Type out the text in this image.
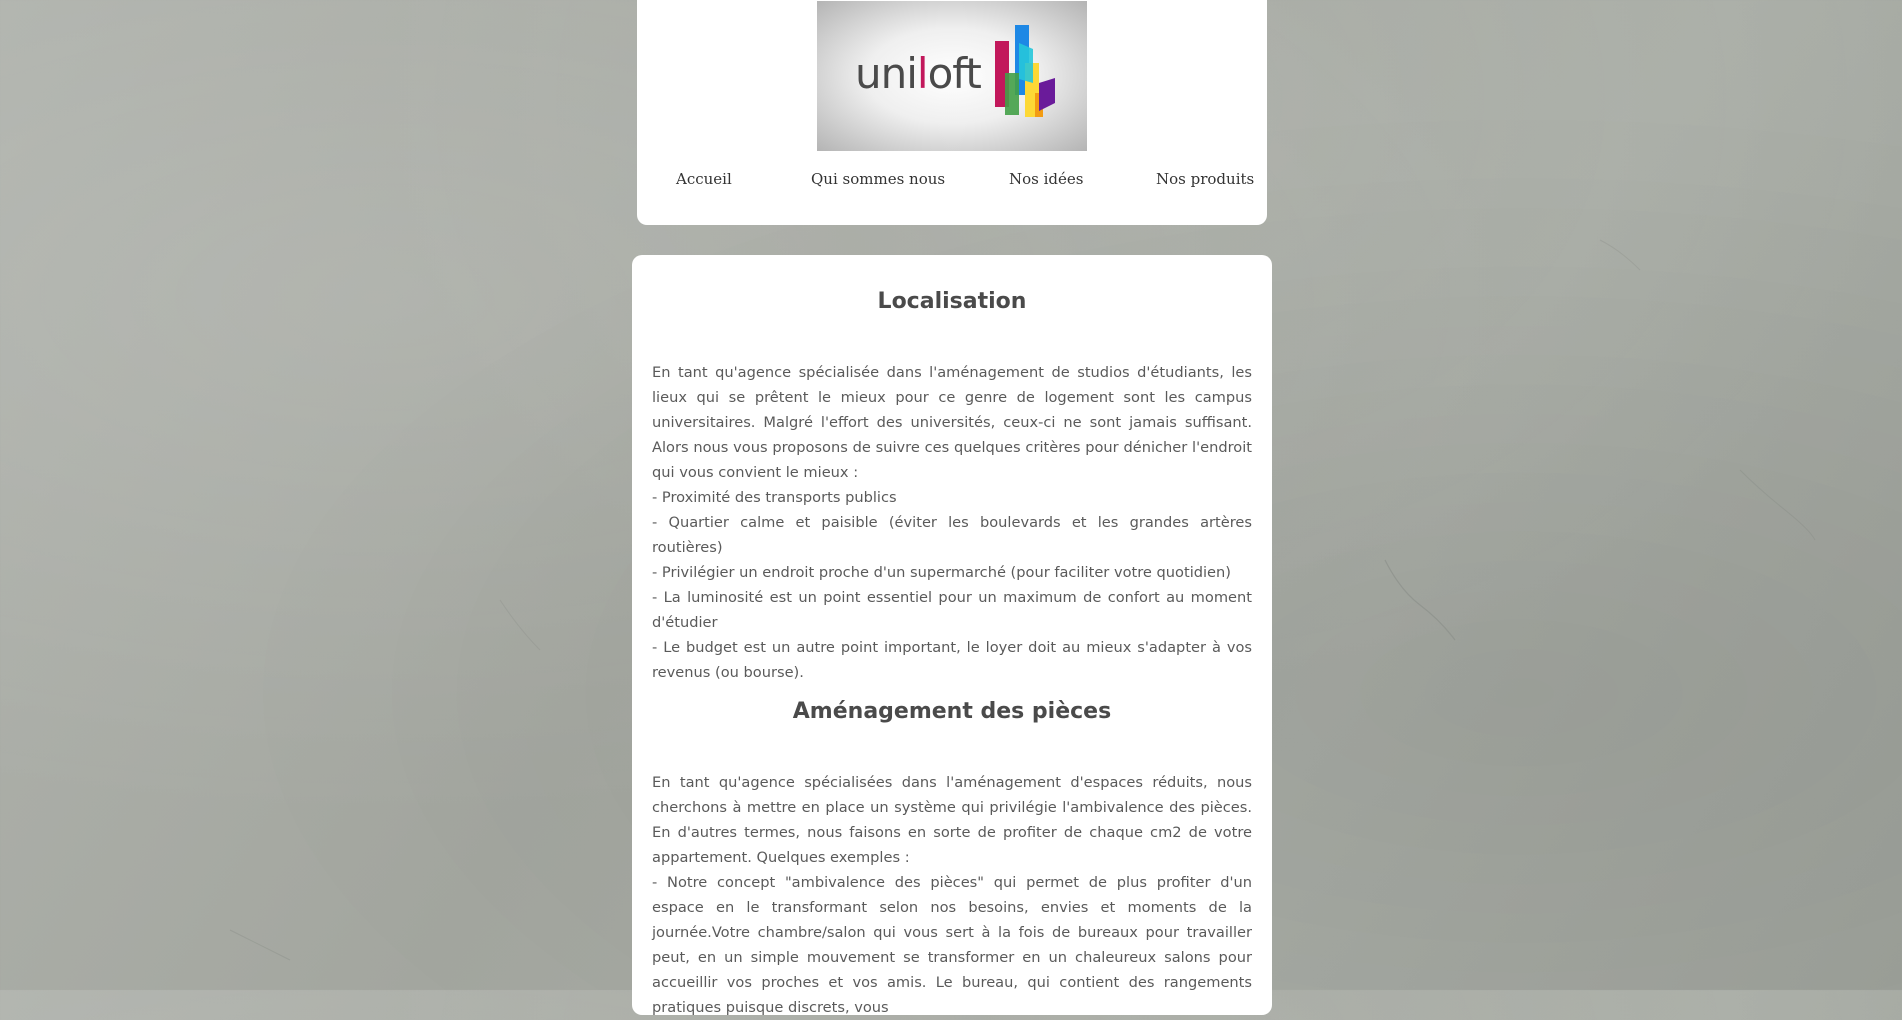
uniloft
Accueil	Qui sommes nous	Nos idées	Nos produits
Localisation

En tant qu'agence spécialisée dans l'aménagement de studios d'étudiants, les lieux qui se prêtent le mieux pour ce genre de logement sont les campus universitaires. Malgré l'effort des universités, ceux-ci ne sont jamais suffisant. Alors nous vous proposons de suivre ces quelques critères pour dénicher l'endroit qui vous convient le mieux :

- Proximité des transports publics

- Quartier calme et paisible (éviter les boulevards et les grandes artères routières)

- Privilégier un endroit proche d'un supermarché (pour faciliter votre quotidien)

- La luminosité est un point essentiel pour un maximum de confort au moment d'étudier

- Le budget est un autre point important, le loyer doit au mieux s'adapter à vos revenus (ou bourse).

Aménagement des pièces

En tant qu'agence spécialisées dans l'aménagement d'espaces réduits, nous cherchons à mettre en place un système qui privilégie l'ambivalence des pièces. En d'autres termes, nous faisons en sorte de profiter de chaque cm2 de votre appartement. Quelques exemples :

- Notre concept "ambivalence des pièces" qui permet de plus profiter d'un espace en le transformant selon nos besoins, envies et moments de la journée.Votre chambre/salon qui vous sert à la fois de bureaux pour travailler peut, en un simple mouvement se transformer en un chaleureux salons pour accueillir vos proches et vos amis. Le bureau, qui contient des rangements pratiques puisque discrets, vous
